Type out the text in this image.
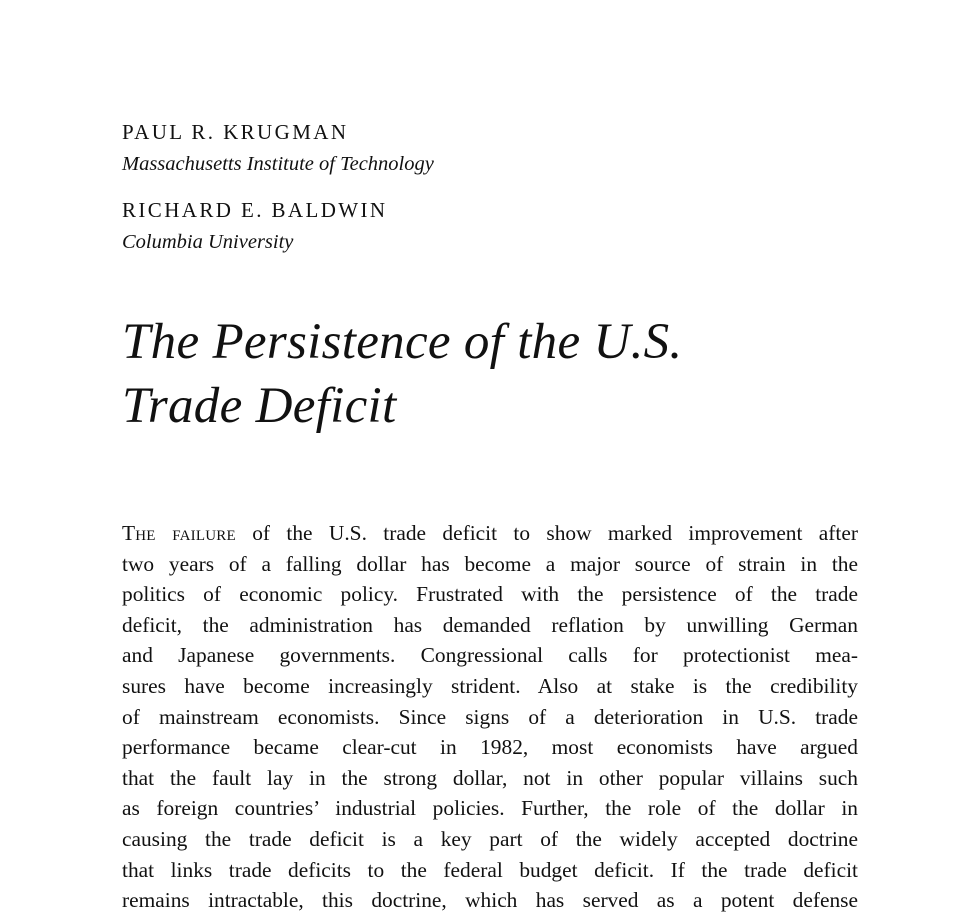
PAUL R. KRUGMAN
Massachusetts Institute of Technology
RICHARD E. BALDWIN
Columbia University
The Persistence of the U.S.
Trade Deficit
The failure of the U.S. trade deficit to show marked improvement after
two years of a falling dollar has become a major source of strain in the
politics of economic policy. Frustrated with the persistence of the trade
deficit, the administration has demanded reflation by unwilling German
and Japanese governments. Congressional calls for protectionist mea-
sures have become increasingly strident. Also at stake is the credibility
of mainstream economists. Since signs of a deterioration in U.S. trade
performance became clear-cut in 1982, most economists have argued
that the fault lay in the strong dollar, not in other popular villains such
as foreign countries’ industrial policies. Further, the role of the dollar in
causing the trade deficit is a key part of the widely accepted doctrine
that links trade deficits to the federal budget deficit. If the trade deficit
remains intractable, this doctrine, which has served as a potent defense
